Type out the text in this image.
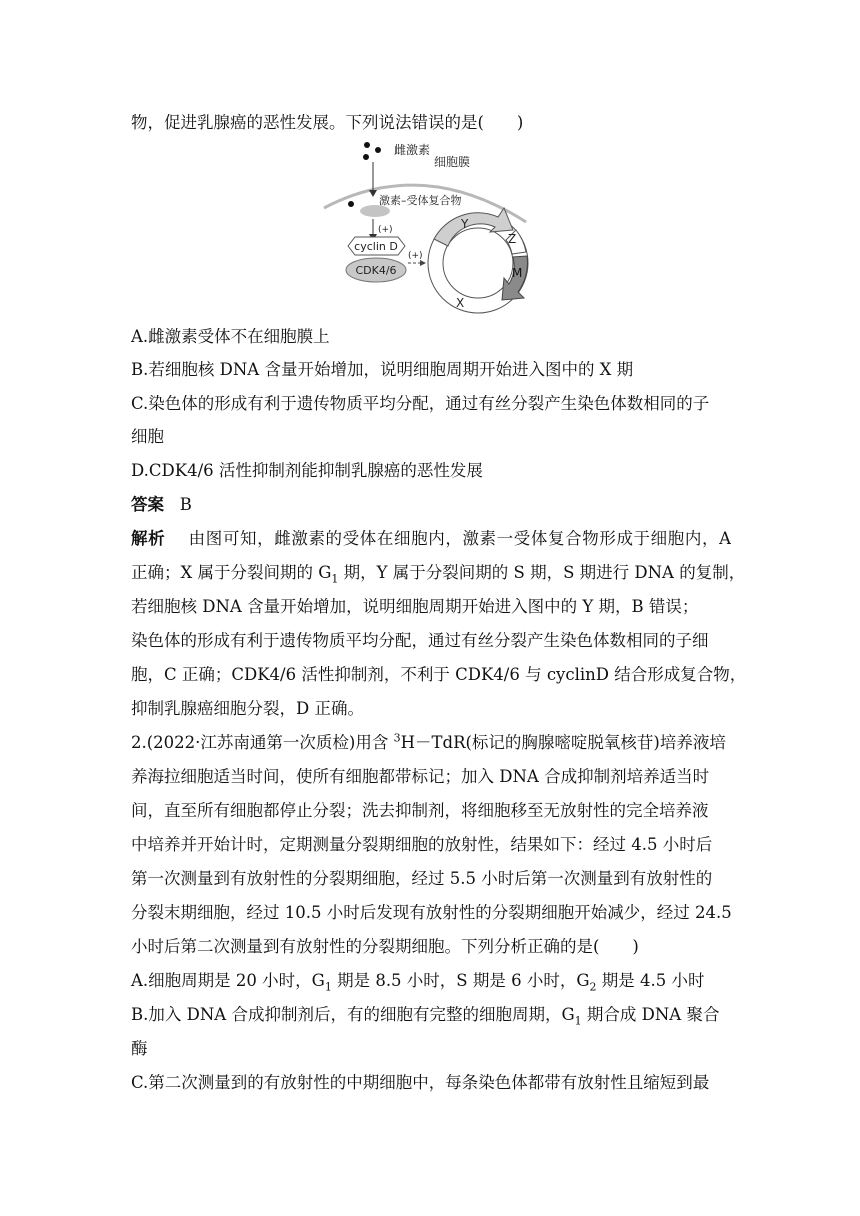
物，促进乳腺癌的恶性发展。下列说法错误的是(　　)
雌激素
细胞膜
激素–受体复合物
(+)
cyclin D
CDK4/6
(+)
Y
Z
M
X
A.雌激素受体不在细胞膜上
B.若细胞核 DNA 含量开始增加，说明细胞周期开始进入图中的 X 期
C.染色体的形成有利于遗传物质平均分配，通过有丝分裂产生染色体数相同的子
细胞
D.CDK4/6 活性抑制剂能抑制乳腺癌的恶性发展
答案 B
解析 由图可知，雌激素的受体在细胞内，激素一受体复合物形成于细胞内，A
正确；X 属于分裂间期的 $G_1$ 期，Y 属于分裂间期的 S 期，S 期进行 DNA 的复制，
若细胞核 DNA 含量开始增加，说明细胞周期开始进入图中的 Y 期，B 错误；
染色体的形成有利于遗传物质平均分配，通过有丝分裂产生染色体数相同的子细
胞，C 正确；CDK4/6 活性抑制剂，不利于 CDK4/6 与 cyclinD 结合形成复合物，
抑制乳腺癌细胞分裂，D 正确。
2.(2022·江苏南通第一次质检)用含 $^3$H－TdR(标记的胸腺嘧啶脱氧核苷)培养液培
养海拉细胞适当时间，使所有细胞都带标记；加入 DNA 合成抑制剂培养适当时
间，直至所有细胞都停止分裂；洗去抑制剂，将细胞移至无放射性的完全培养液
中培养并开始计时，定期测量分裂期细胞的放射性，结果如下：经过 4.5 小时后
第一次测量到有放射性的分裂期细胞，经过 5.5 小时后第一次测量到有放射性的
分裂末期细胞，经过 10.5 小时后发现有放射性的分裂期细胞开始减少，经过 24.5
小时后第二次测量到有放射性的分裂期细胞。下列分析正确的是(　　)
A.细胞周期是 20 小时，$G_1$ 期是 8.5 小时，S 期是 6 小时，$G_2$ 期是 4.5 小时
B.加入 DNA 合成抑制剂后，有的细胞有完整的细胞周期，$G_1$ 期合成 DNA 聚合
酶
C.第二次测量到的有放射性的中期细胞中，每条染色体都带有放射性且缩短到最
